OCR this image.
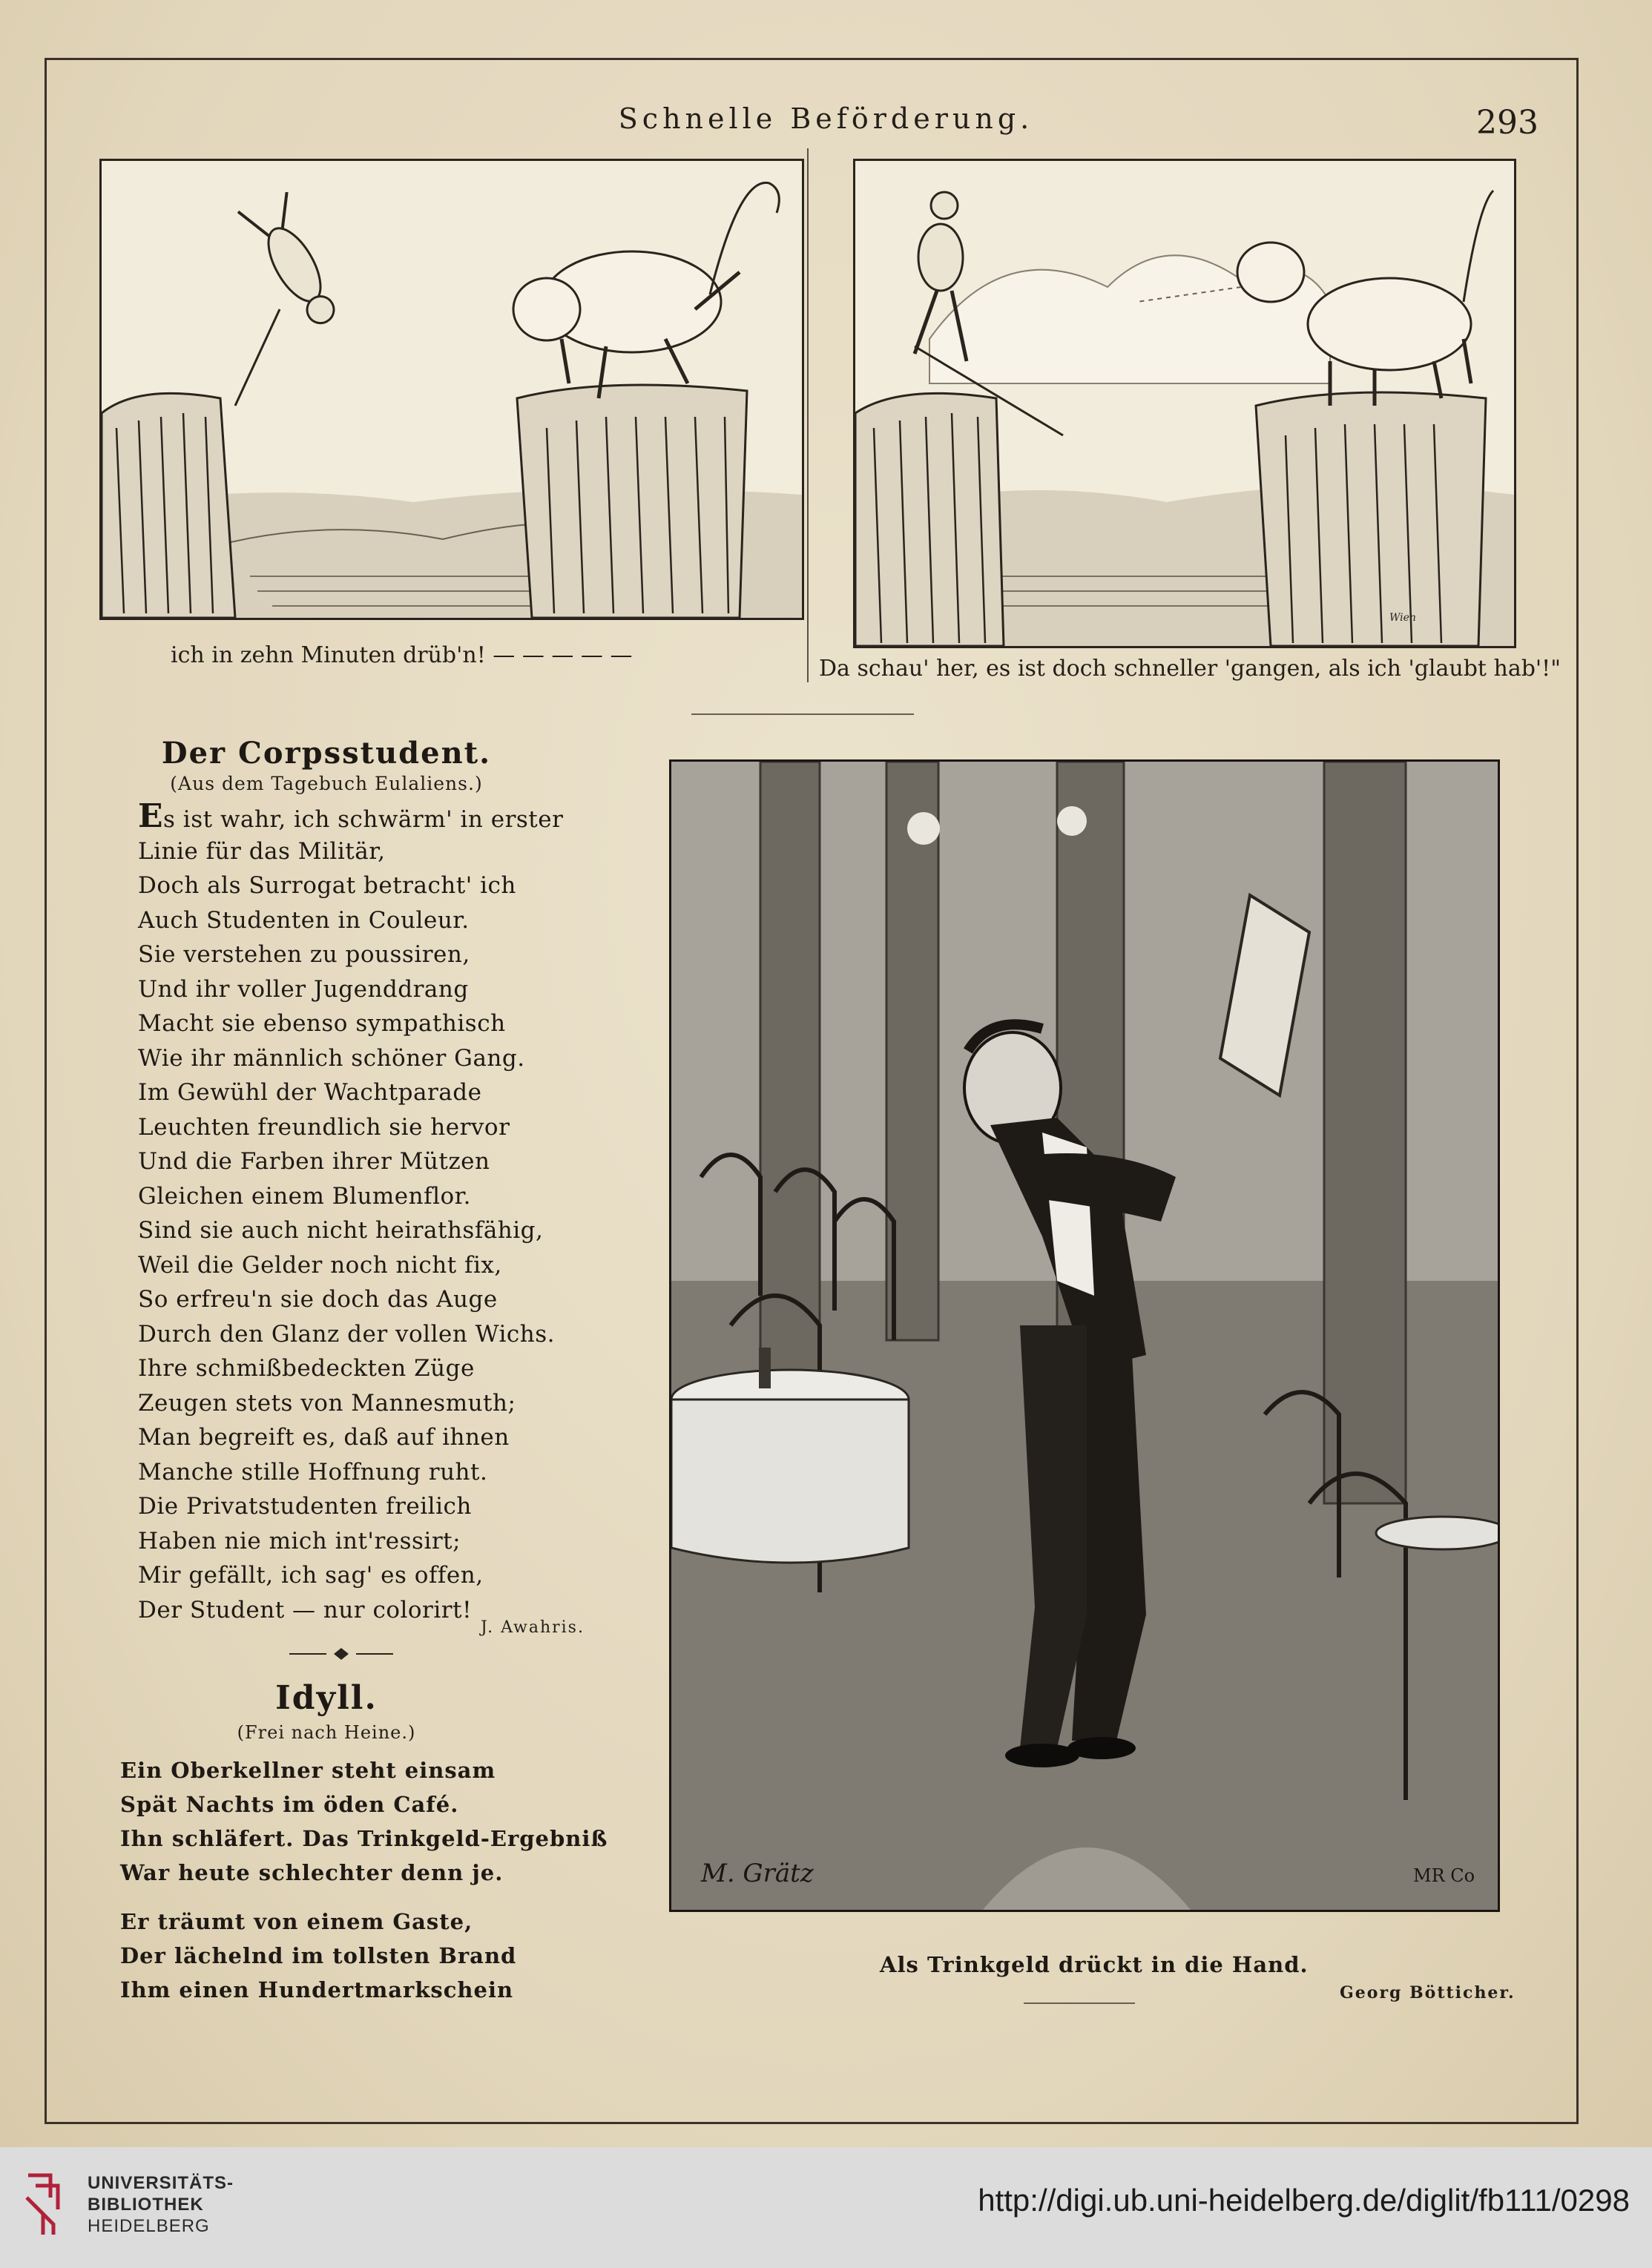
Schnelle Beförderung.	293
Wien
ich in zehn Minuten drüb'n! — — — — —
Da schau' her, es ist doch schneller 'gangen, als ich 'glaubt hab'!"
Der Corpsstudent.
(Aus dem Tagebuch Eulaliens.)
Es ist wahr, ich schwärm' in erster
Linie für das Militär,
Doch als Surrogat betracht' ich
Auch Studenten in Couleur.
Sie verstehen zu poussiren,
Und ihr voller Jugenddrang
Macht sie ebenso sympathisch
Wie ihr männlich schöner Gang.
Im Gewühl der Wachtparade
Leuchten freundlich sie hervor
Und die Farben ihrer Mützen
Gleichen einem Blumenflor.
Sind sie auch nicht heirathsfähig,
Weil die Gelder noch nicht fix,
So erfreu'n sie doch das Auge
Durch den Glanz der vollen Wichs.
Ihre schmißbedeckten Züge
Zeugen stets von Mannesmuth;
Man begreift es, daß auf ihnen
Manche stille Hoffnung ruht.
Die Privatstudenten freilich
Haben nie mich int'ressirt;
Mir gefällt, ich sag' es offen,
Der Student — nur colorirt!
J. Awahris.
Idyll.
(Frei nach Heine.)
Ein Oberkellner steht einsam
Spät Nachts im öden Café.
Ihn schläfert. Das Trinkgeld-Ergebniß
War heute schlechter denn je.
Er träumt von einem Gaste,
Der lächelnd im tollsten Brand
Ihm einen Hundertmarkschein
M. Grätz	MR Co
Als Trinkgeld drückt in die Hand.
Georg Bötticher.
UNIVERSITÄTS-
BIBLIOTHEK
HEIDELBERG
http://digi.ub.uni-heidelberg.de/diglit/fb111/0298
